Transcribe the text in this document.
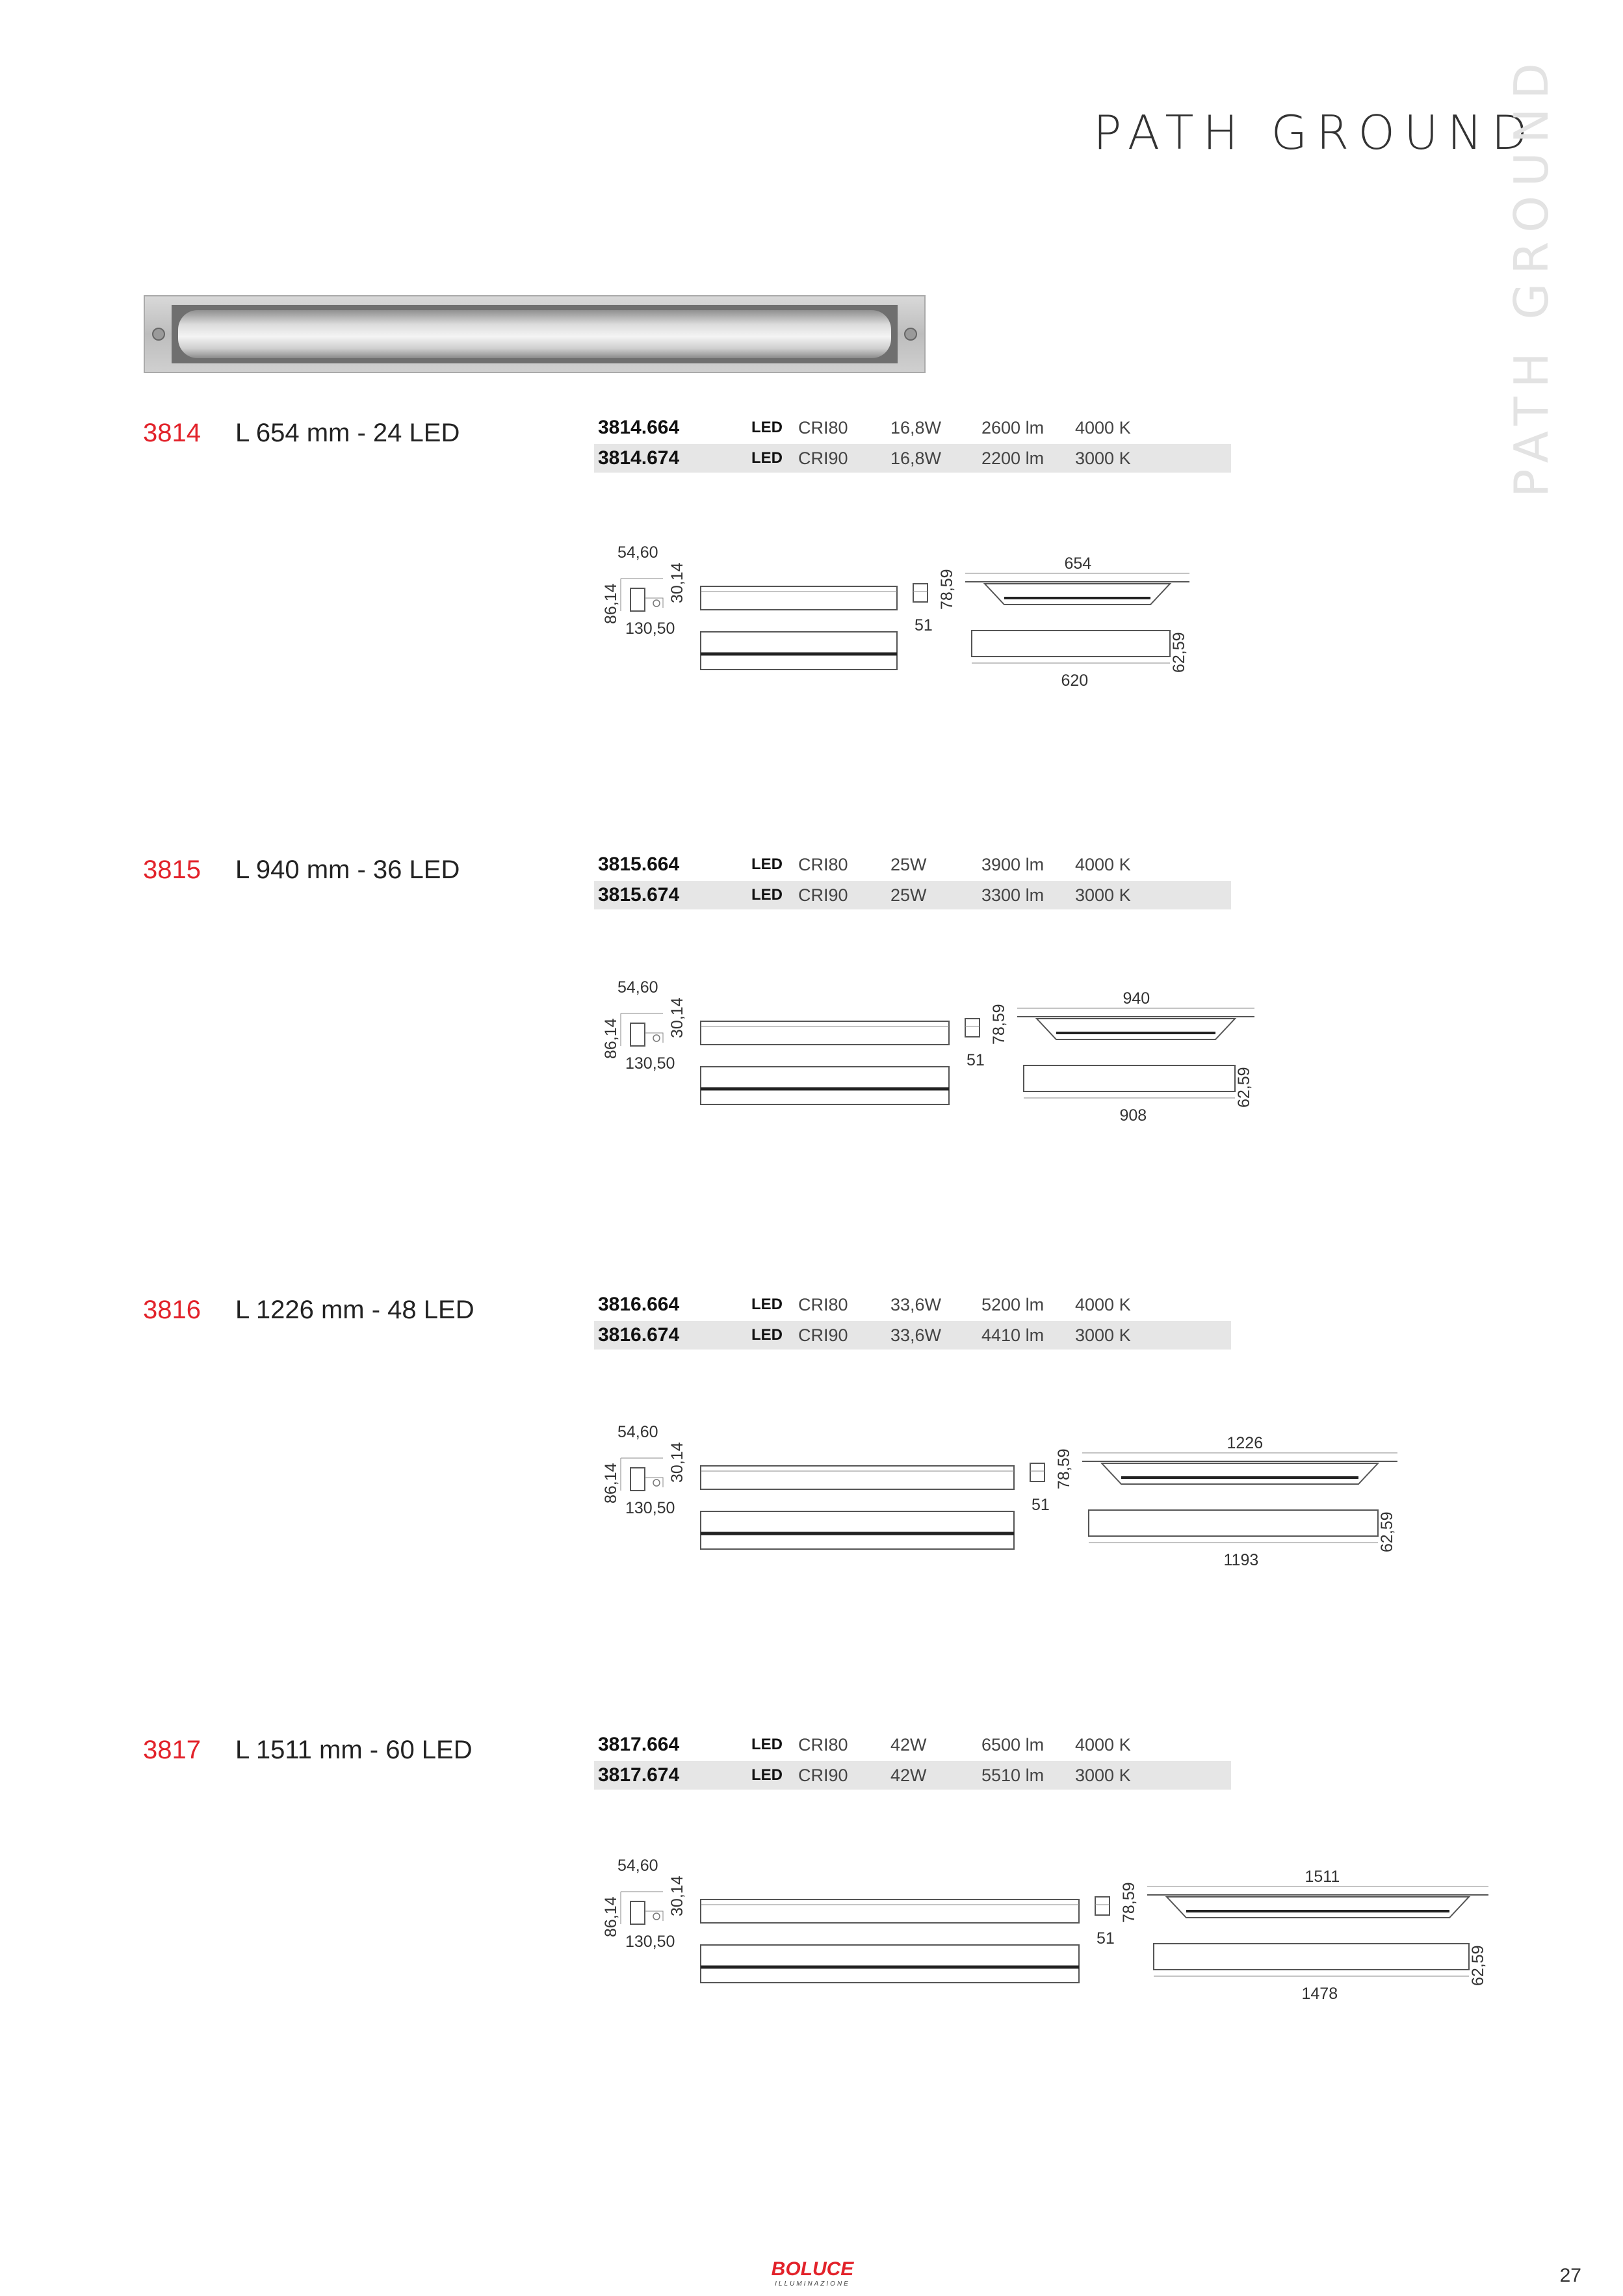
PATH GROUND
PATH GROUND
3814 L 654 mm - 24 LED	3814.664	LED CRI80 16,8W 2600 lm 4000 K
3814.674	LED CRI90 16,8W 2200 lm 3000 K
3815 L 940 mm - 36 LED	3815.664	LED CRI80 25W	3900 lm 4000 K
3815.674	LED CRI90 25W	3300 lm 3000 K
3816 L 1226 mm - 48 LED	3816.664	LED CRI80 33,6W 5200 lm 4000 K
3816.674	LED CRI90 33,6W 4410 lm 3000 K
3817 L 1511 mm - 60 LED	3817.664	LED CRI80 42W	6500 lm 4000 K
3817.674	LED CRI90 42W	5510 lm 3000 K
BOLUCE
ILLUMINAZIONE	27
54,60
86,14
30,14
130,50
78,59
51
654
620
62,59
54,60
86,14
30,14
130,50
78,59
51
940
908
62,59
54,60
86,14
30,14
130,50
78,59
51
1226
1193
62,59
54,60
86,14
30,14
130,50
78,59
51
1511
1478
62,59
